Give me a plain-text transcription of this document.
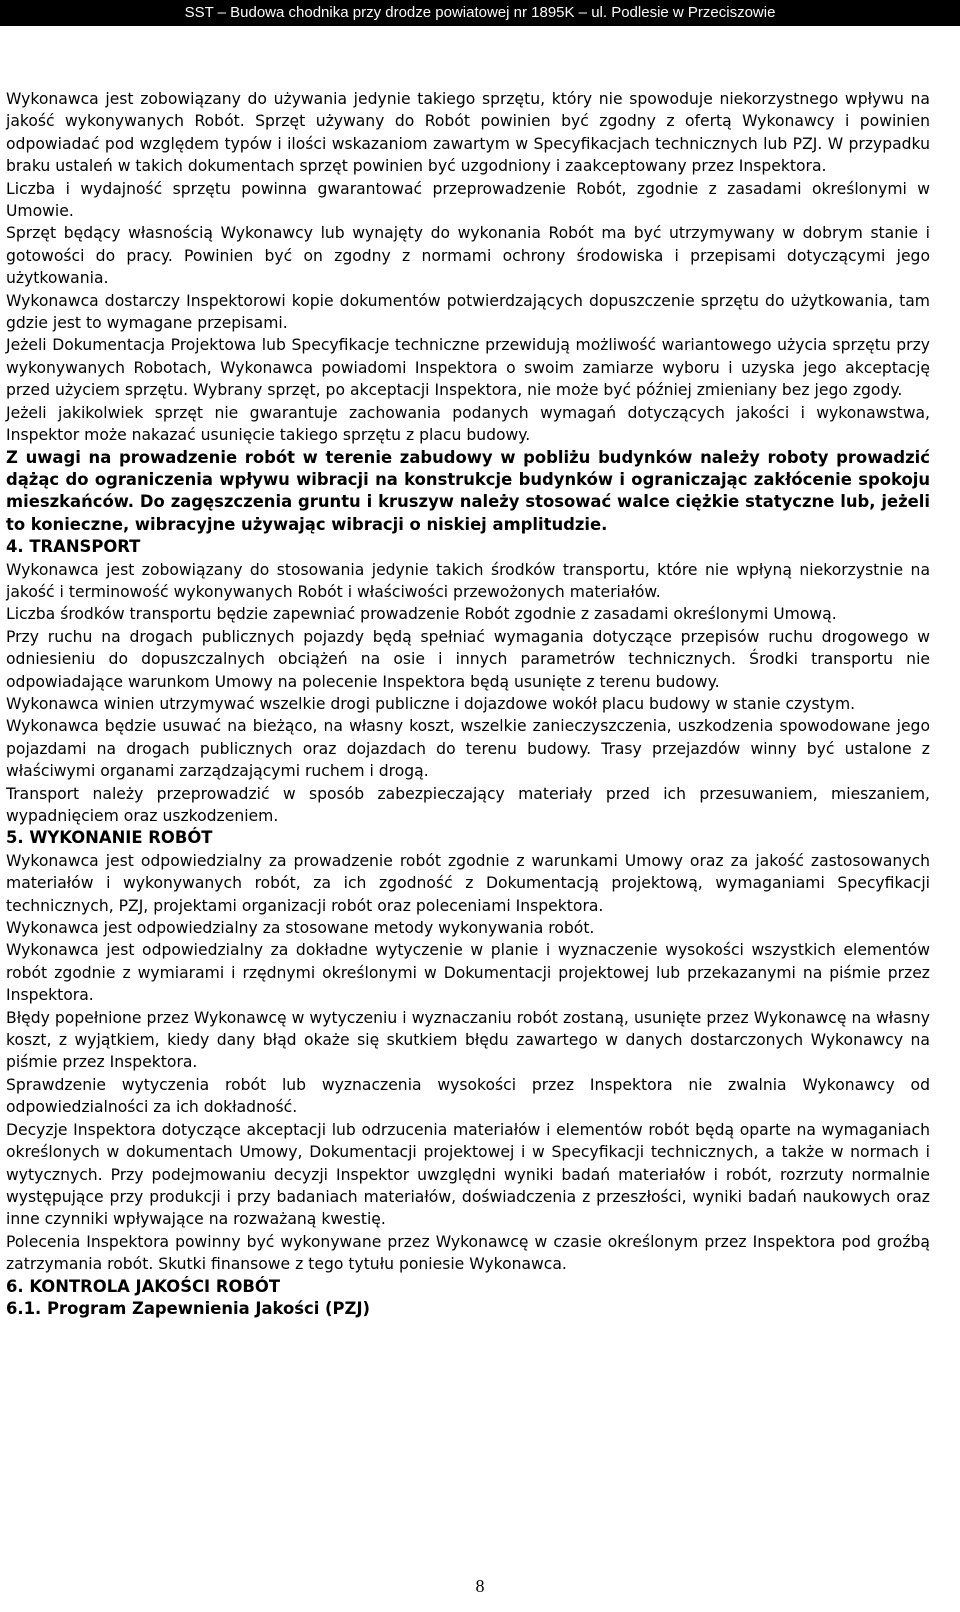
SST – Budowa chodnika przy drodze powiatowej nr 1895K – ul. Podlesie w Przeciszowie

Wykonawca jest zobowiązany do używania jedynie takiego sprzętu, który nie spowoduje niekorzystnego wpływu na jakość wykonywanych Robót. Sprzęt używany do Robót powinien być zgodny z ofertą Wykonawcy i powinien odpowiadać pod względem typów i ilości wskazaniom zawartym w Specyfikacjach technicznych lub PZJ. W przypadku braku ustaleń w takich dokumentach sprzęt powinien być uzgodniony i zaakceptowany przez Inspektora.

Liczba i wydajność sprzętu powinna gwarantować przeprowadzenie Robót, zgodnie z zasadami określonymi w Umowie.

Sprzęt będący własnością Wykonawcy lub wynajęty do wykonania Robót ma być utrzymywany w dobrym stanie i gotowości do pracy. Powinien być on zgodny z normami ochrony środowiska i przepisami dotyczącymi jego użytkowania.

Wykonawca dostarczy Inspektorowi kopie dokumentów potwierdzających dopuszczenie sprzętu do użytkowania, tam gdzie jest to wymagane przepisami.

Jeżeli Dokumentacja Projektowa lub Specyfikacje techniczne przewidują możliwość wariantowego użycia sprzętu przy wykonywanych Robotach, Wykonawca powiadomi Inspektora o swoim zamiarze wyboru i uzyska jego akceptację przed użyciem sprzętu. Wybrany sprzęt, po akceptacji Inspektora, nie może być później zmieniany bez jego zgody.

Jeżeli jakikolwiek sprzęt nie gwarantuje zachowania podanych wymagań dotyczących jakości i wykonawstwa, Inspektor może nakazać usunięcie takiego sprzętu z placu budowy.

Z uwagi na prowadzenie robót w terenie zabudowy w pobliżu budynków należy roboty prowadzić dążąc do ograniczenia wpływu wibracji na konstrukcje budynków i ograniczając zakłócenie spokoju mieszkańców. Do zagęszczenia gruntu i kruszyw należy stosować walce ciężkie statyczne lub, jeżeli to konieczne, wibracyjne używając wibracji o niskiej amplitudzie.

4. TRANSPORT

Wykonawca jest zobowiązany do stosowania jedynie takich środków transportu, które nie wpłyną niekorzystnie na jakość i terminowość wykonywanych Robót i właściwości przewożonych materiałów.

Liczba środków transportu będzie zapewniać prowadzenie Robót zgodnie z zasadami określonymi Umową.

Przy ruchu na drogach publicznych pojazdy będą spełniać wymagania dotyczące przepisów ruchu drogowego w odniesieniu do dopuszczalnych obciążeń na osie i innych parametrów technicznych. Środki transportu nie odpowiadające warunkom Umowy na polecenie Inspektora będą usunięte z terenu budowy.

Wykonawca winien utrzymywać wszelkie drogi publiczne i dojazdowe wokół placu budowy w stanie czystym.

Wykonawca będzie usuwać na bieżąco, na własny koszt, wszelkie zanieczyszczenia, uszkodzenia spowodowane jego pojazdami na drogach publicznych oraz dojazdach do terenu budowy. Trasy przejazdów winny być ustalone z właściwymi organami zarządzającymi ruchem i drogą.

Transport należy przeprowadzić w sposób zabezpieczający materiały przed ich przesuwaniem, mieszaniem, wypadnięciem oraz uszkodzeniem.

5. WYKONANIE ROBÓT

Wykonawca jest odpowiedzialny za prowadzenie robót zgodnie z warunkami Umowy oraz za jakość zastosowanych materiałów i wykonywanych robót, za ich zgodność z Dokumentacją projektową, wymaganiami Specyfikacji technicznych, PZJ, projektami organizacji robót oraz poleceniami Inspektora.

Wykonawca jest odpowiedzialny za stosowane metody wykonywania robót.

Wykonawca jest odpowiedzialny za dokładne wytyczenie w planie i wyznaczenie wysokości wszystkich elementów robót zgodnie z wymiarami i rzędnymi określonymi w Dokumentacji projektowej lub przekazanymi na piśmie przez Inspektora.

Błędy popełnione przez Wykonawcę w wytyczeniu i wyznaczaniu robót zostaną, usunięte przez Wykonawcę na własny koszt, z wyjątkiem, kiedy dany błąd okaże się skutkiem błędu zawartego w danych dostarczonych Wykonawcy na piśmie przez Inspektora.

Sprawdzenie wytyczenia robót lub wyznaczenia wysokości przez Inspektora nie zwalnia Wykonawcy od odpowiedzialności za ich dokładność.

Decyzje Inspektora dotyczące akceptacji lub odrzucenia materiałów i elementów robót będą oparte na wymaganiach określonych w dokumentach Umowy, Dokumentacji projektowej i w Specyfikacji technicznych, a także w normach i wytycznych. Przy podejmowaniu decyzji Inspektor uwzględni wyniki badań materiałów i robót, rozrzuty normalnie występujące przy produkcji i przy badaniach materiałów, doświadczenia z przeszłości, wyniki badań naukowych oraz inne czynniki wpływające na rozważaną kwestię.

Polecenia Inspektora powinny być wykonywane przez Wykonawcę w czasie określonym przez Inspektora pod groźbą zatrzymania robót. Skutki finansowe z tego tytułu poniesie Wykonawca.

6. KONTROLA JAKOŚCI ROBÓT
6.1. Program Zapewnienia Jakości (PZJ)
8
